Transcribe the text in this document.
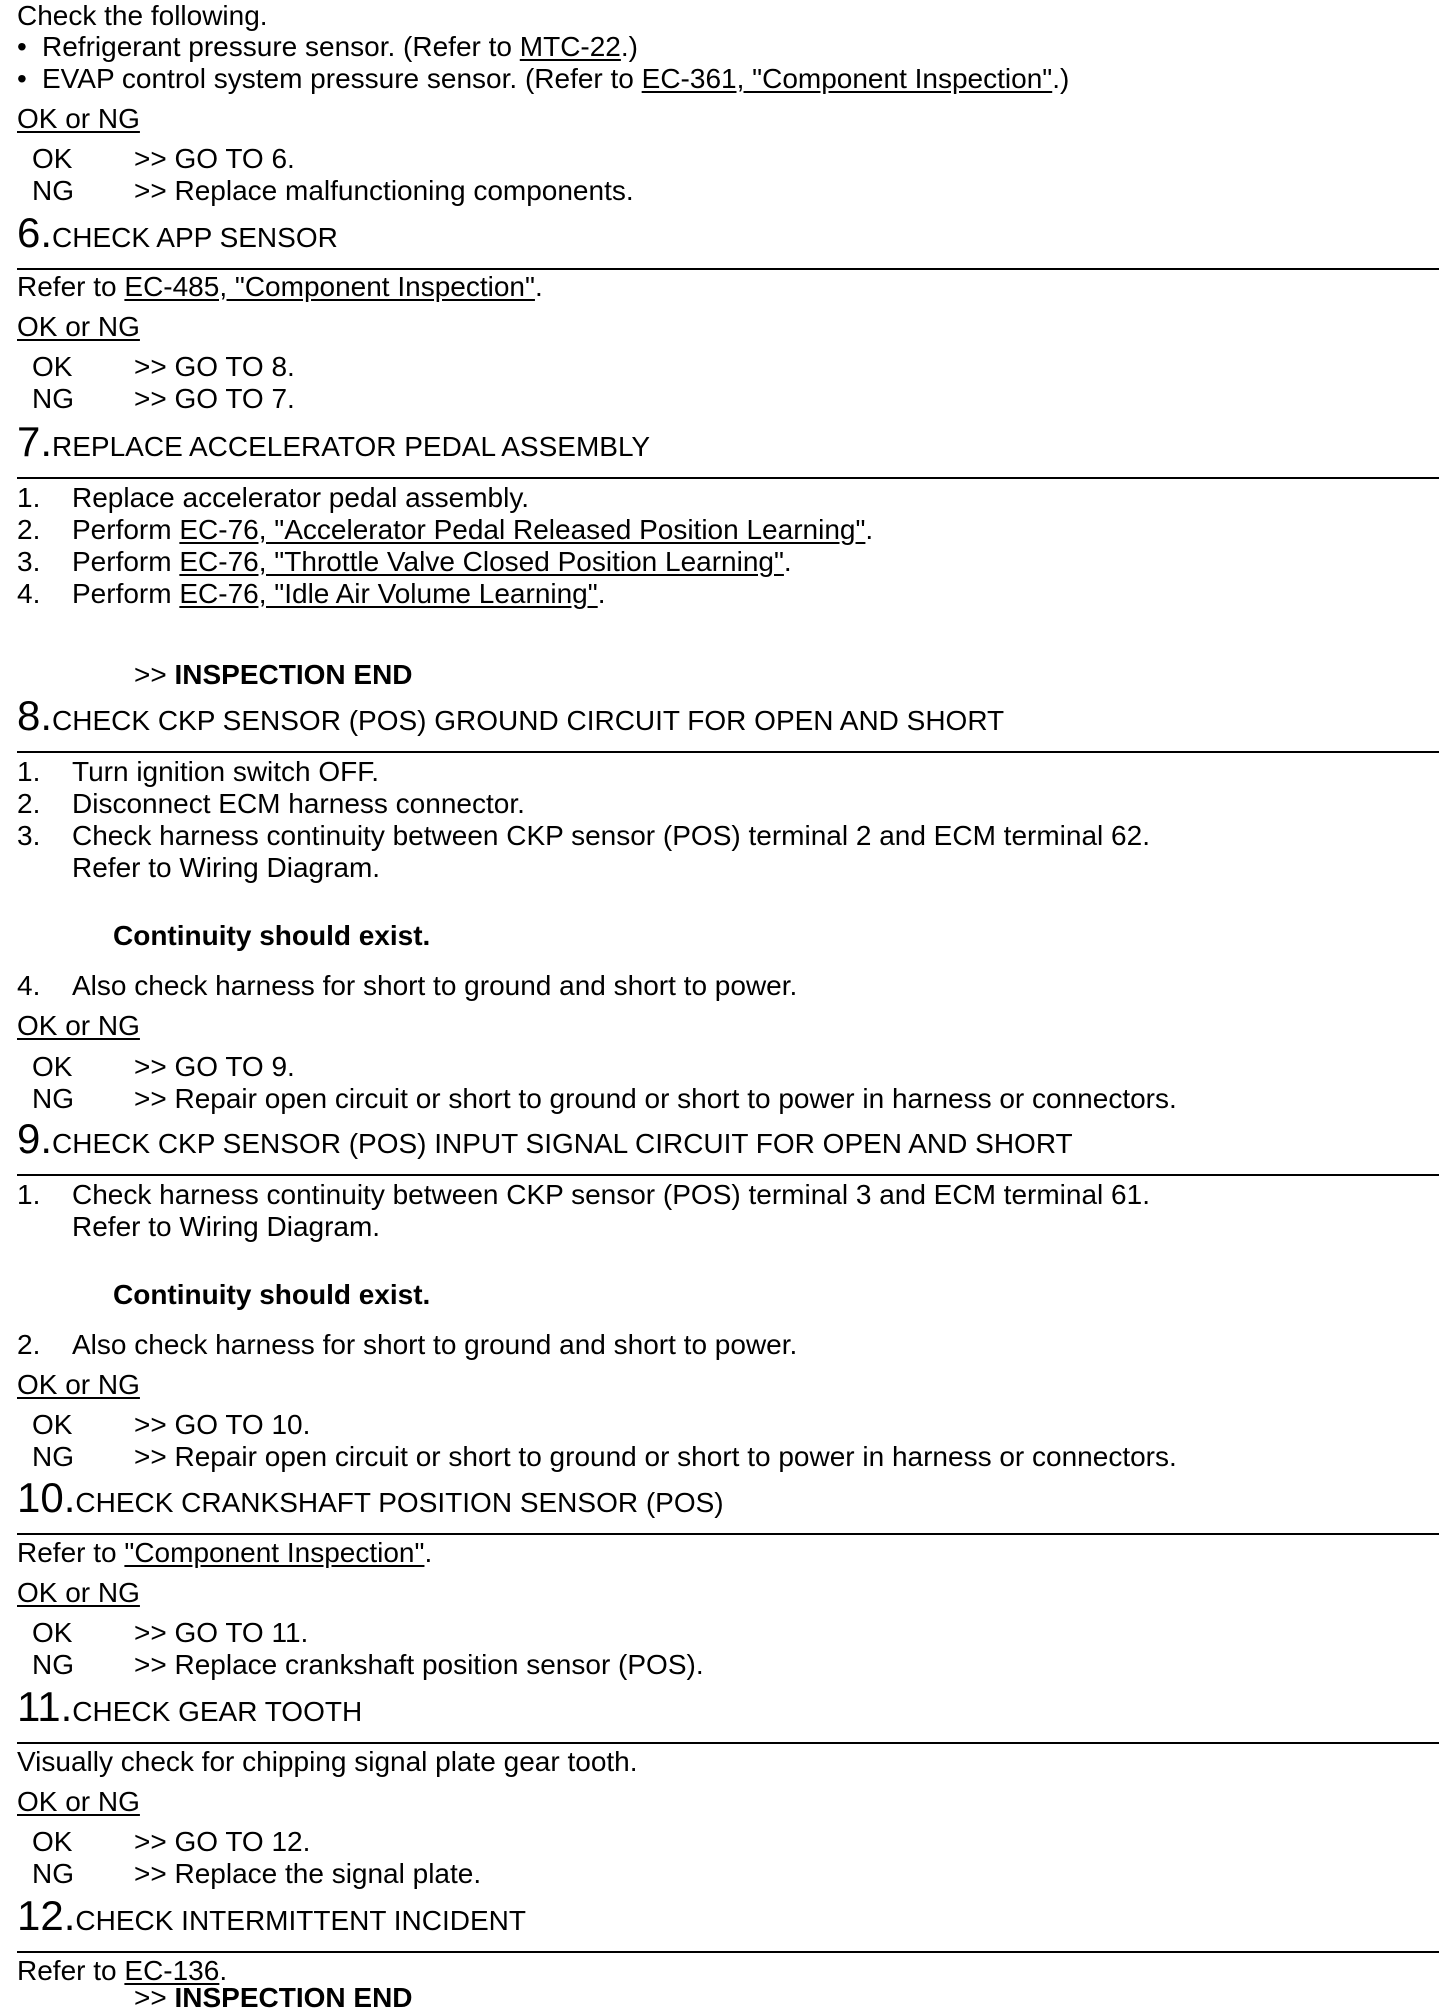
Check the following.
• Refrigerant pressure sensor. (Refer to MTC-22.)
• EVAP control system pressure sensor. (Refer to EC-361, "Component Inspection".)
OK or NG
OK >> GO TO 6.
NG >> Replace malfunctioning components.
6.CHECK APP SENSOR
Refer to EC-485, "Component Inspection".
OK or NG
OK >> GO TO 8.
NG >> GO TO 7.
7.REPLACE ACCELERATOR PEDAL ASSEMBLY
1. Replace accelerator pedal assembly.
2. Perform EC-76, "Accelerator Pedal Released Position Learning".
3. Perform EC-76, "Throttle Valve Closed Position Learning".
4. Perform EC-76, "Idle Air Volume Learning".
>> INSPECTION END
8.CHECK CKP SENSOR (POS) GROUND CIRCUIT FOR OPEN AND SHORT
1. Turn ignition switch OFF.
2. Disconnect ECM harness connector.
3. Check harness continuity between CKP sensor (POS) terminal 2 and ECM terminal 62.
Refer to Wiring Diagram.
Continuity should exist.
4. Also check harness for short to ground and short to power.
OK or NG
OK >> GO TO 9.
NG >> Repair open circuit or short to ground or short to power in harness or connectors.
9.CHECK CKP SENSOR (POS) INPUT SIGNAL CIRCUIT FOR OPEN AND SHORT
1. Check harness continuity between CKP sensor (POS) terminal 3 and ECM terminal 61.
Refer to Wiring Diagram.
Continuity should exist.
2. Also check harness for short to ground and short to power.
OK or NG
OK >> GO TO 10.
NG >> Repair open circuit or short to ground or short to power in harness or connectors.
10.CHECK CRANKSHAFT POSITION SENSOR (POS)
Refer to "Component Inspection".
OK or NG
OK >> GO TO 11.
NG >> Replace crankshaft position sensor (POS).
11.CHECK GEAR TOOTH
Visually check for chipping signal plate gear tooth.
OK or NG
OK >> GO TO 12.
NG >> Replace the signal plate.
12.CHECK INTERMITTENT INCIDENT
Refer to EC-136.
>> INSPECTION END
